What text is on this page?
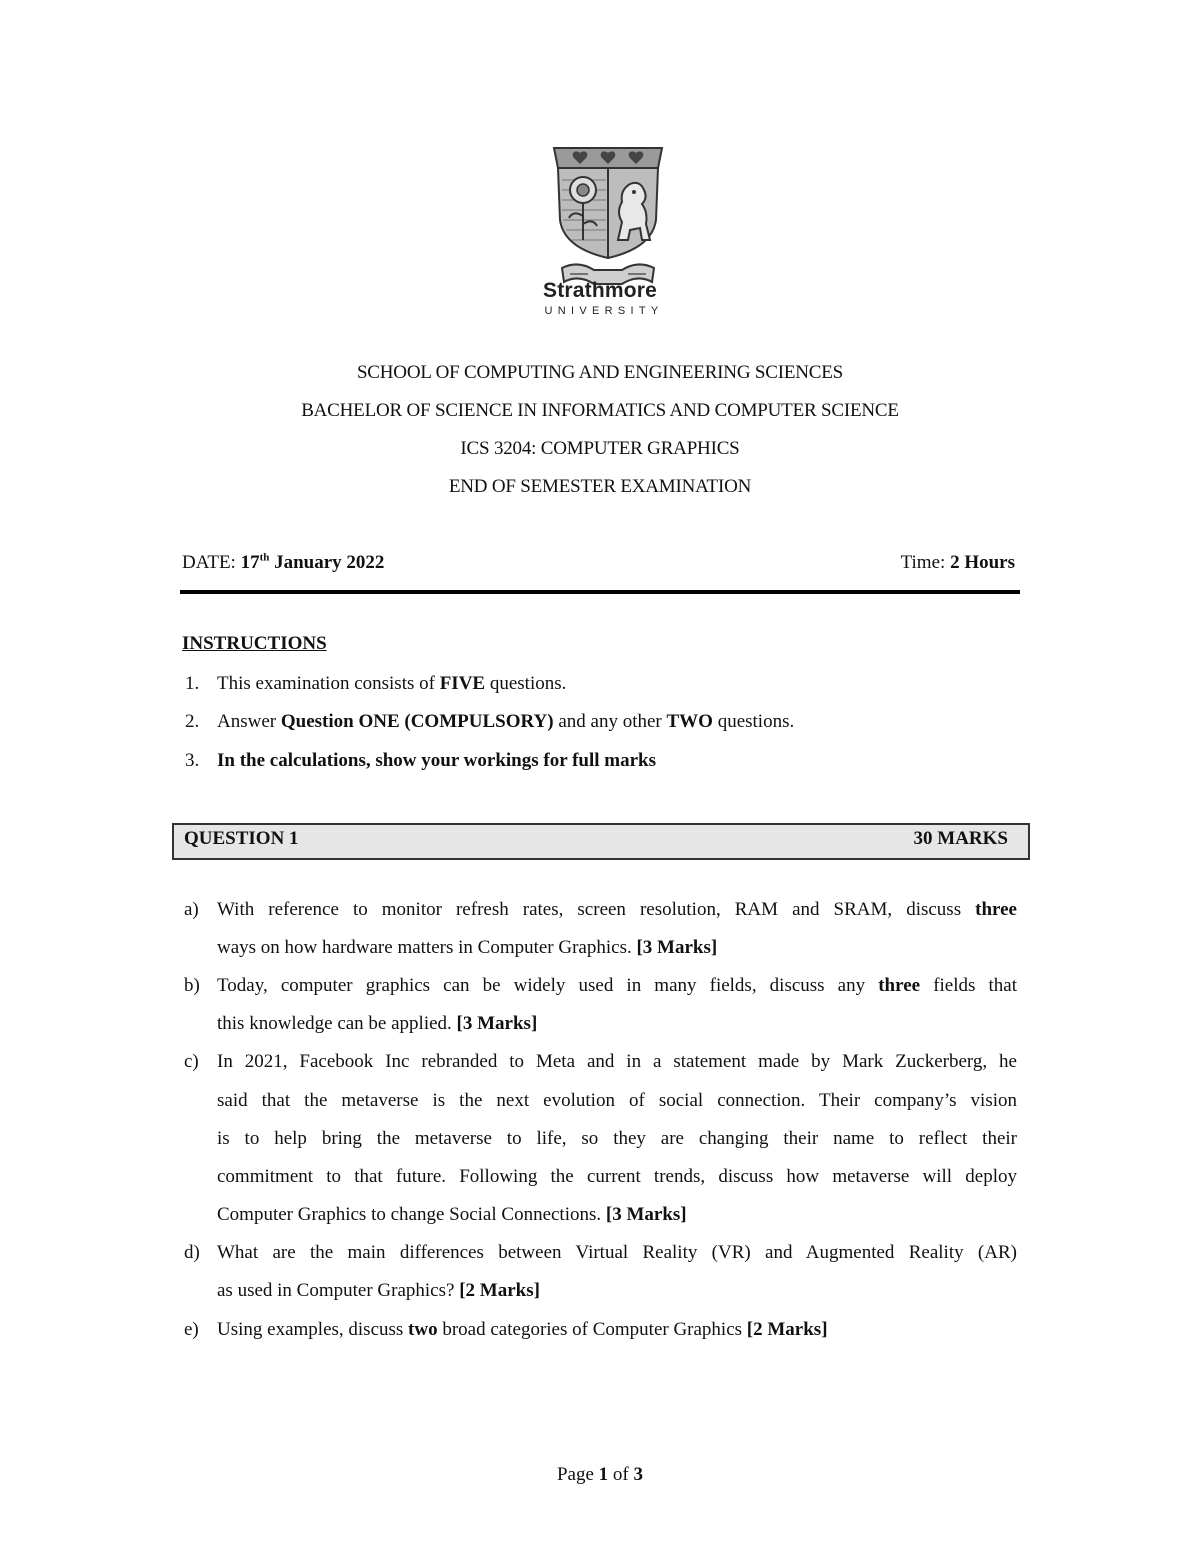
Strathmore
UNIVERSITY
SCHOOL OF COMPUTING AND ENGINEERING SCIENCES
BACHELOR OF SCIENCE IN INFORMATICS AND COMPUTER SCIENCE
ICS 3204: COMPUTER GRAPHICS
END OF SEMESTER EXAMINATION
DATE: 17th January 2022	Time: 2 Hours
INSTRUCTIONS
1. This examination consists of FIVE questions.
2. Answer Question ONE (COMPULSORY) and any other TWO questions.
3. In the calculations, show your workings for full marks
QUESTION 1	30 MARKS
a) With reference to monitor refresh rates, screen resolution, RAM and SRAM, discuss three
ways on how hardware matters in Computer Graphics. [3 Marks]
b) Today, computer graphics can be widely used in many fields, discuss any three fields that
this knowledge can be applied. [3 Marks]
c) In 2021, Facebook Inc rebranded to Meta and in a statement made by Mark Zuckerberg, he
said that the metaverse is the next evolution of social connection. Their company’s vision
is to help bring the metaverse to life, so they are changing their name to reflect their
commitment to that future. Following the current trends, discuss how metaverse will deploy
Computer Graphics to change Social Connections. [3 Marks]
d) What are the main differences between Virtual Reality (VR) and Augmented Reality (AR)
as used in Computer Graphics? [2 Marks]
e) Using examples, discuss two broad categories of Computer Graphics [2 Marks]
Page 1 of 3
